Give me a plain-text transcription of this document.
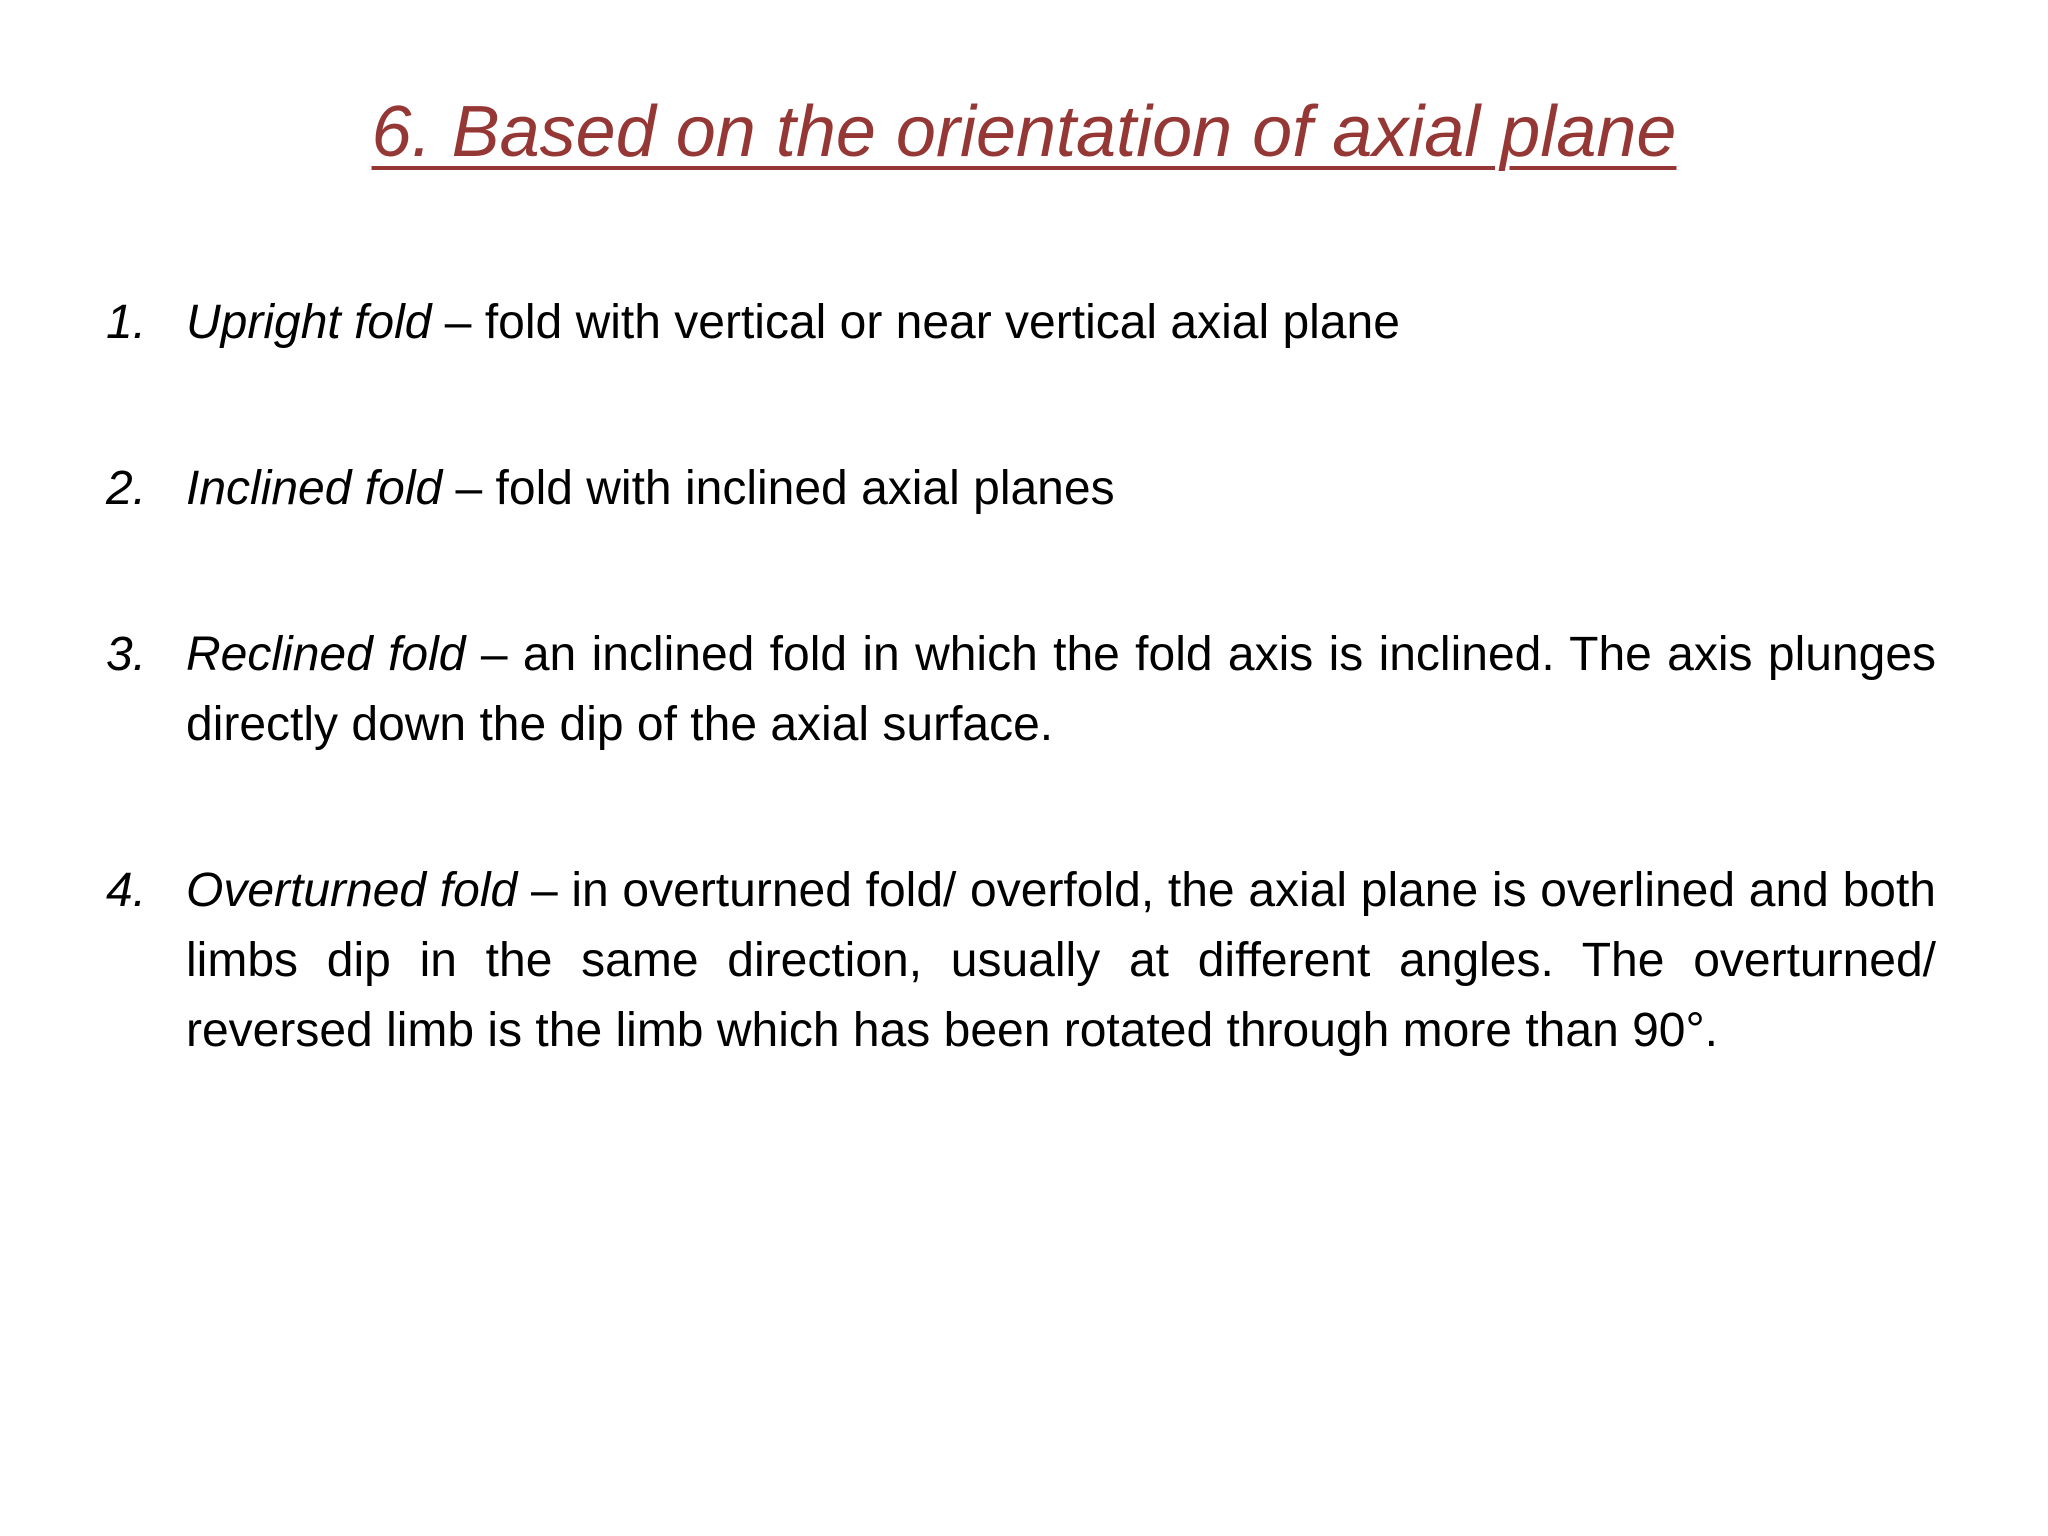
6. Based on the orientation of axial plane
1. Upright fold – fold with vertical or near vertical axial plane
2. Inclined fold – fold with inclined axial planes
3. Reclined fold – an inclined fold in which the fold axis is inclined. The axis plunges directly down the dip of the axial surface.
4. Overturned fold – in overturned fold/ overfold, the axial plane is overlined and both limbs dip in the same direction, usually at different angles. The overturned/ reversed limb is the limb which has been rotated through more than 90°.
